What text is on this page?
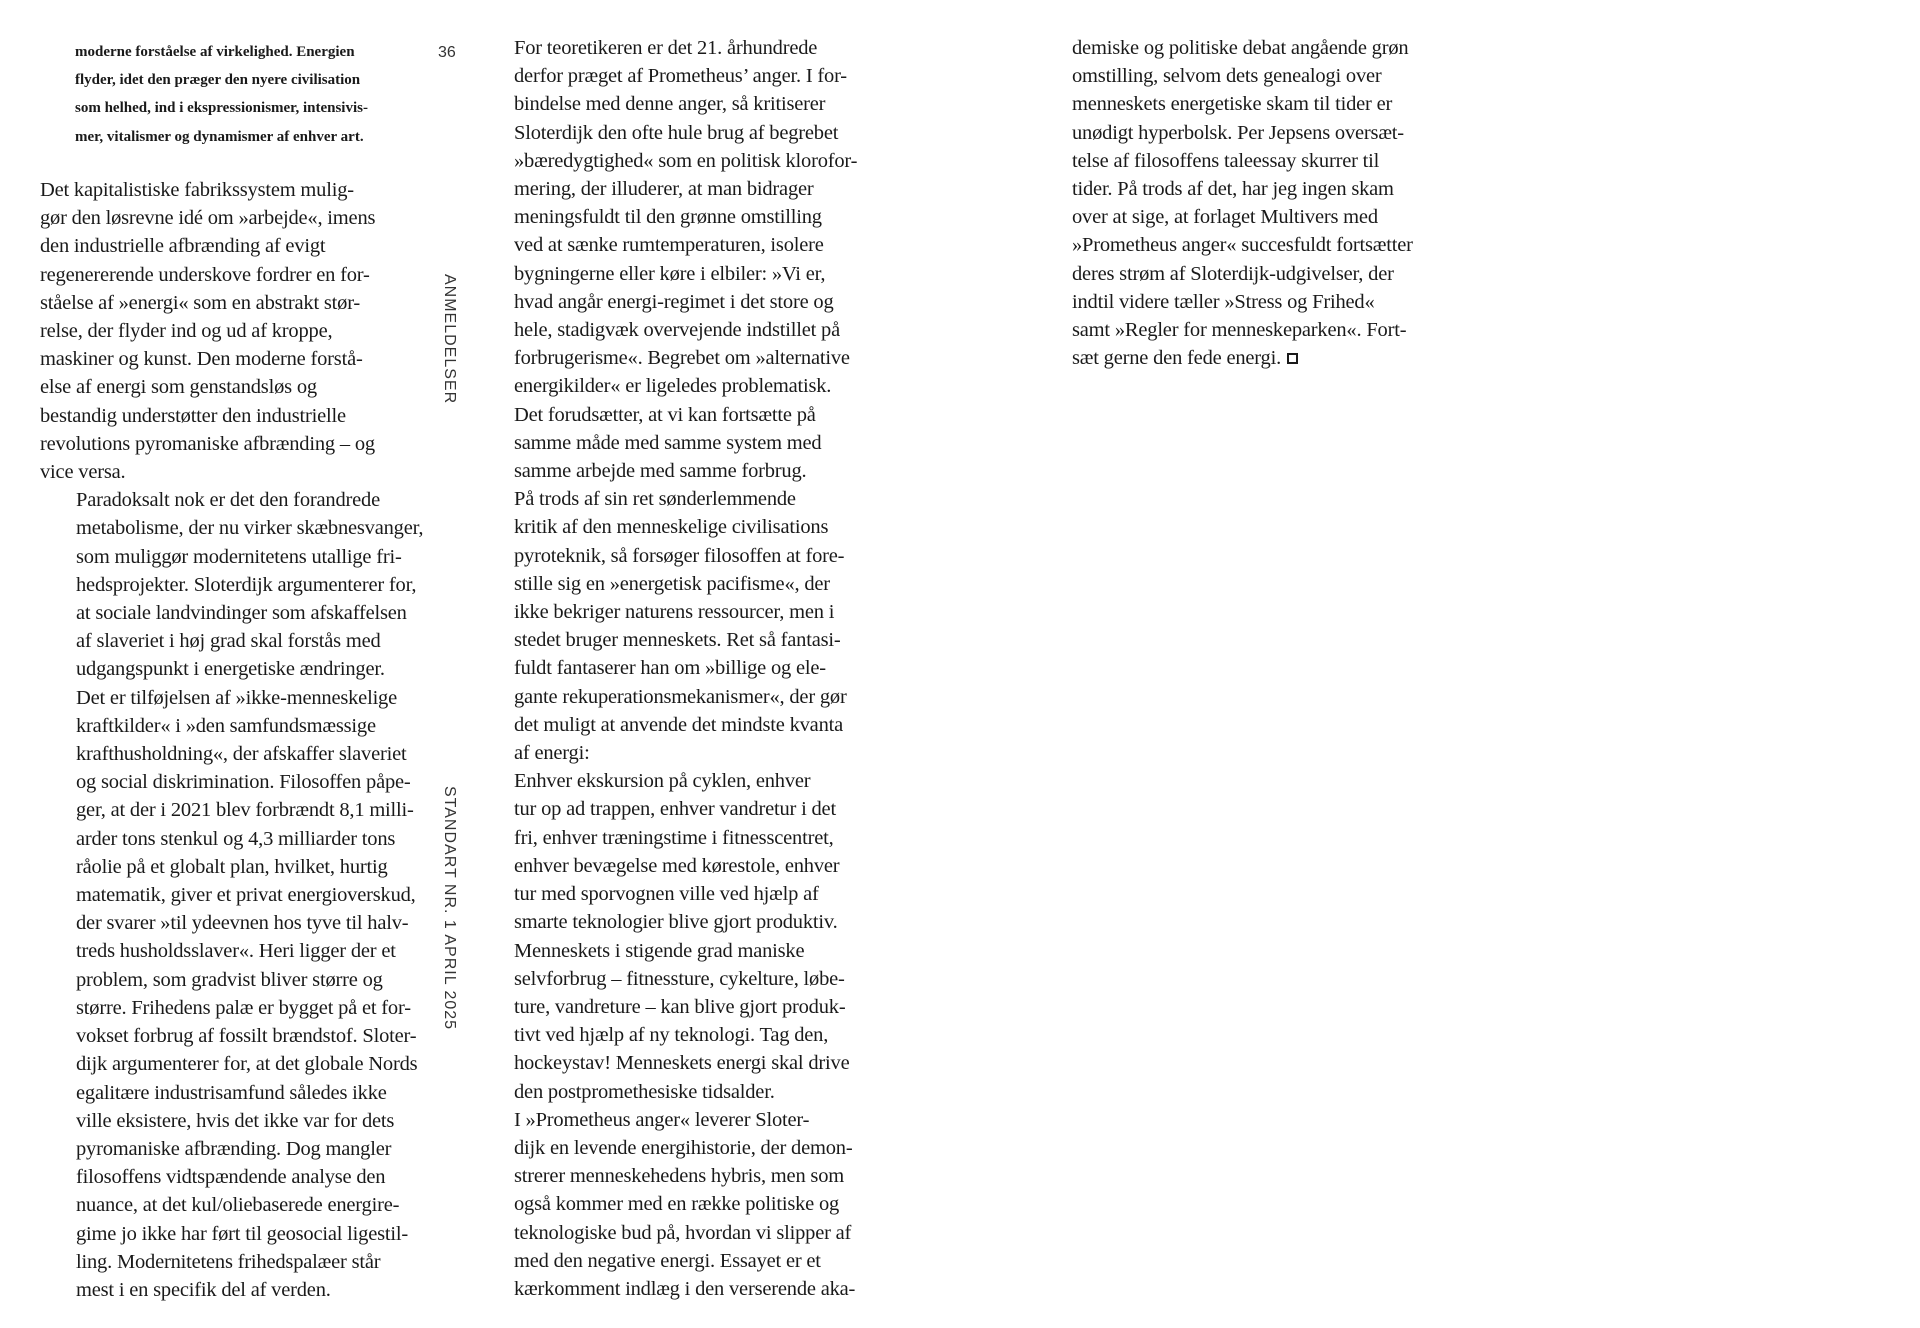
moderne forståelse af virkelighed. Energien
flyder, idet den præger den nyere civilisation
som helhed, ind i ekspressionismer, intensivis-
mer, vitalismer og dynamismer af enhver art.
36
ANMELDELSER
STANDART NR. 1 APRIL 2025

Det kapitalistiske fabrikssystem mulig-
gør den løsrevne idé om »arbejde«, imens
den industrielle afbrænding af evigt
regenererende underskove fordrer en for-
ståelse af »energi« som en abstrakt stør-
relse, der flyder ind og ud af kroppe,
maskiner og kunst. Den moderne forstå-
else af energi som genstandsløs og
bestandig understøtter den industrielle
revolutions pyromaniske afbrænding – og
vice versa.

Paradoksalt nok er det den forandrede
metabolisme, der nu virker skæbnesvanger,
som muliggør modernitetens utallige fri-
hedsprojekter. Sloterdijk argumenterer for,
at sociale landvindinger som afskaffelsen
af slaveriet i høj grad skal forstås med
udgangspunkt i energetiske ændringer.
Det er tilføjelsen af »ikke-menneskelige
kraftkilder« i »den samfundsmæssige
krafthusholdning«, der afskaffer slaveriet
og social diskrimination. Filosoffen påpe-
ger, at der i 2021 blev forbrændt 8,1 milli-
arder tons stenkul og 4,3 milliarder tons
råolie på et globalt plan, hvilket, hurtig
matematik, giver et privat energioverskud,
der svarer »til ydeevnen hos tyve til halv-
treds husholdsslaver«. Heri ligger der et
problem, som gradvist bliver større og
større. Frihedens palæ er bygget på et for-
vokset forbrug af fossilt brændstof. Sloter-
dijk argumenterer for, at det globale Nords
egalitære industrisamfund således ikke
ville eksistere, hvis det ikke var for dets
pyromaniske afbrænding. Dog mangler
filosoffens vidtspændende analyse den
nuance, at det kul/oliebaserede energire-
gime jo ikke har ført til geosocial ligestil-
ling. Modernitetens frihedspalæer står
mest i en specifik del af verden.

For teoretikeren er det 21. århundrede
derfor præget af Prometheus’ anger. I for-
bindelse med denne anger, så kritiserer
Sloterdijk den ofte hule brug af begrebet
»bæredygtighed« som en politisk klorofor-
mering, der illuderer, at man bidrager
meningsfuldt til den grønne omstilling
ved at sænke rumtemperaturen, isolere
bygningerne eller køre i elbiler: »Vi er,
hvad angår energi-regimet i det store og
hele, stadigvæk overvejende indstillet på
forbrugerisme«. Begrebet om »alternative
energikilder« er ligeledes problematisk.
Det forudsætter, at vi kan fortsætte på
samme måde med samme system med
samme arbejde med samme forbrug.

På trods af sin ret sønderlemmende
kritik af den menneskelige civilisations
pyroteknik, så forsøger filosoffen at fore-
stille sig en »energetisk pacifisme«, der
ikke bekriger naturens ressourcer, men i
stedet bruger menneskets. Ret så fantasi-
fuldt fantaserer han om »billige og ele-
gante rekuperationsmekanismer«, der gør
det muligt at anvende det mindste kvanta
af energi:

Enhver ekskursion på cyklen, enhver
tur op ad trappen, enhver vandretur i det
fri, enhver træningstime i fitnesscentret,
enhver bevægelse med kørestole, enhver
tur med sporvognen ville ved hjælp af
smarte teknologier blive gjort produktiv.

Menneskets i stigende grad maniske
selvforbrug – fitnessture, cykelture, løbe-
ture, vandreture – kan blive gjort produk-
tivt ved hjælp af ny teknologi. Tag den,
hockeystav! Menneskets energi skal drive
den postpromethesiske tidsalder.

I »Prometheus anger« leverer Sloter-
dijk en levende energihistorie, der demon-
strerer menneskehedens hybris, men som
også kommer med en række politiske og
teknologiske bud på, hvordan vi slipper af
med den negative energi. Essayet er et
kærkomment indlæg i den verserende aka-

demiske og politiske debat angående grøn
omstilling, selvom dets genealogi over
menneskets energetiske skam til tider er
unødigt hyperbolsk. Per Jepsens oversæt-
telse af filosoffens taleessay skurrer til
tider. På trods af det, har jeg ingen skam
over at sige, at forlaget Multivers med
»Prometheus anger« succesfuldt fortsætter
deres strøm af Sloterdijk-udgivelser, der
indtil videre tæller »Stress og Frihed«
samt »Regler for menneskeparken«. Fort-
sæt gerne den fede energi.
